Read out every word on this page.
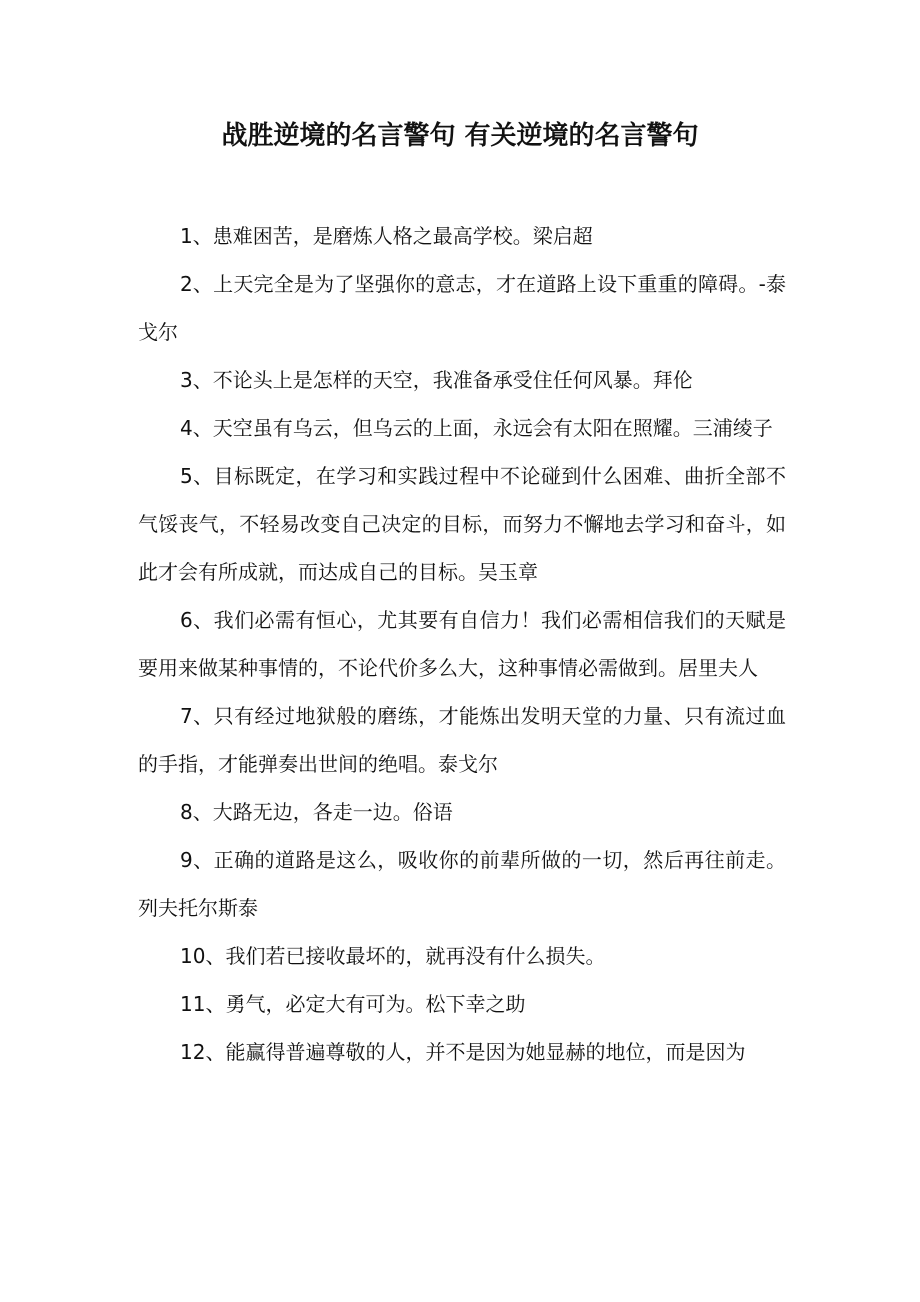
战胜逆境的名言警句 有关逆境的名言警句

1、患难困苦，是磨炼人格之最高学校。梁启超

2、上天完全是为了坚强你的意志，才在道路上设下重重的障碍。-泰戈尔

3、不论头上是怎样的天空，我准备承受住任何风暴。拜伦

4、天空虽有乌云，但乌云的上面，永远会有太阳在照耀。三浦绫子

5、目标既定，在学习和实践过程中不论碰到什么困难、曲折全部不气馁丧气，不轻易改变自己决定的目标，而努力不懈地去学习和奋斗，如此才会有所成就，而达成自己的目标。吴玉章

6、我们必需有恒心，尤其要有自信力！我们必需相信我们的天赋是要用来做某种事情的，不论代价多么大，这种事情必需做到。居里夫人

7、只有经过地狱般的磨练，才能炼出发明天堂的力量、只有流过血的手指，才能弹奏出世间的绝唱。泰戈尔

8、大路无边，各走一边。俗语

9、正确的道路是这么，吸收你的前辈所做的一切，然后再往前走。列夫托尔斯泰

10、我们若已接收最坏的，就再没有什么损失。

11、勇气，必定大有可为。松下幸之助

12、能赢得普遍尊敬的人，并不是因为她显赫的地位，而是因为
